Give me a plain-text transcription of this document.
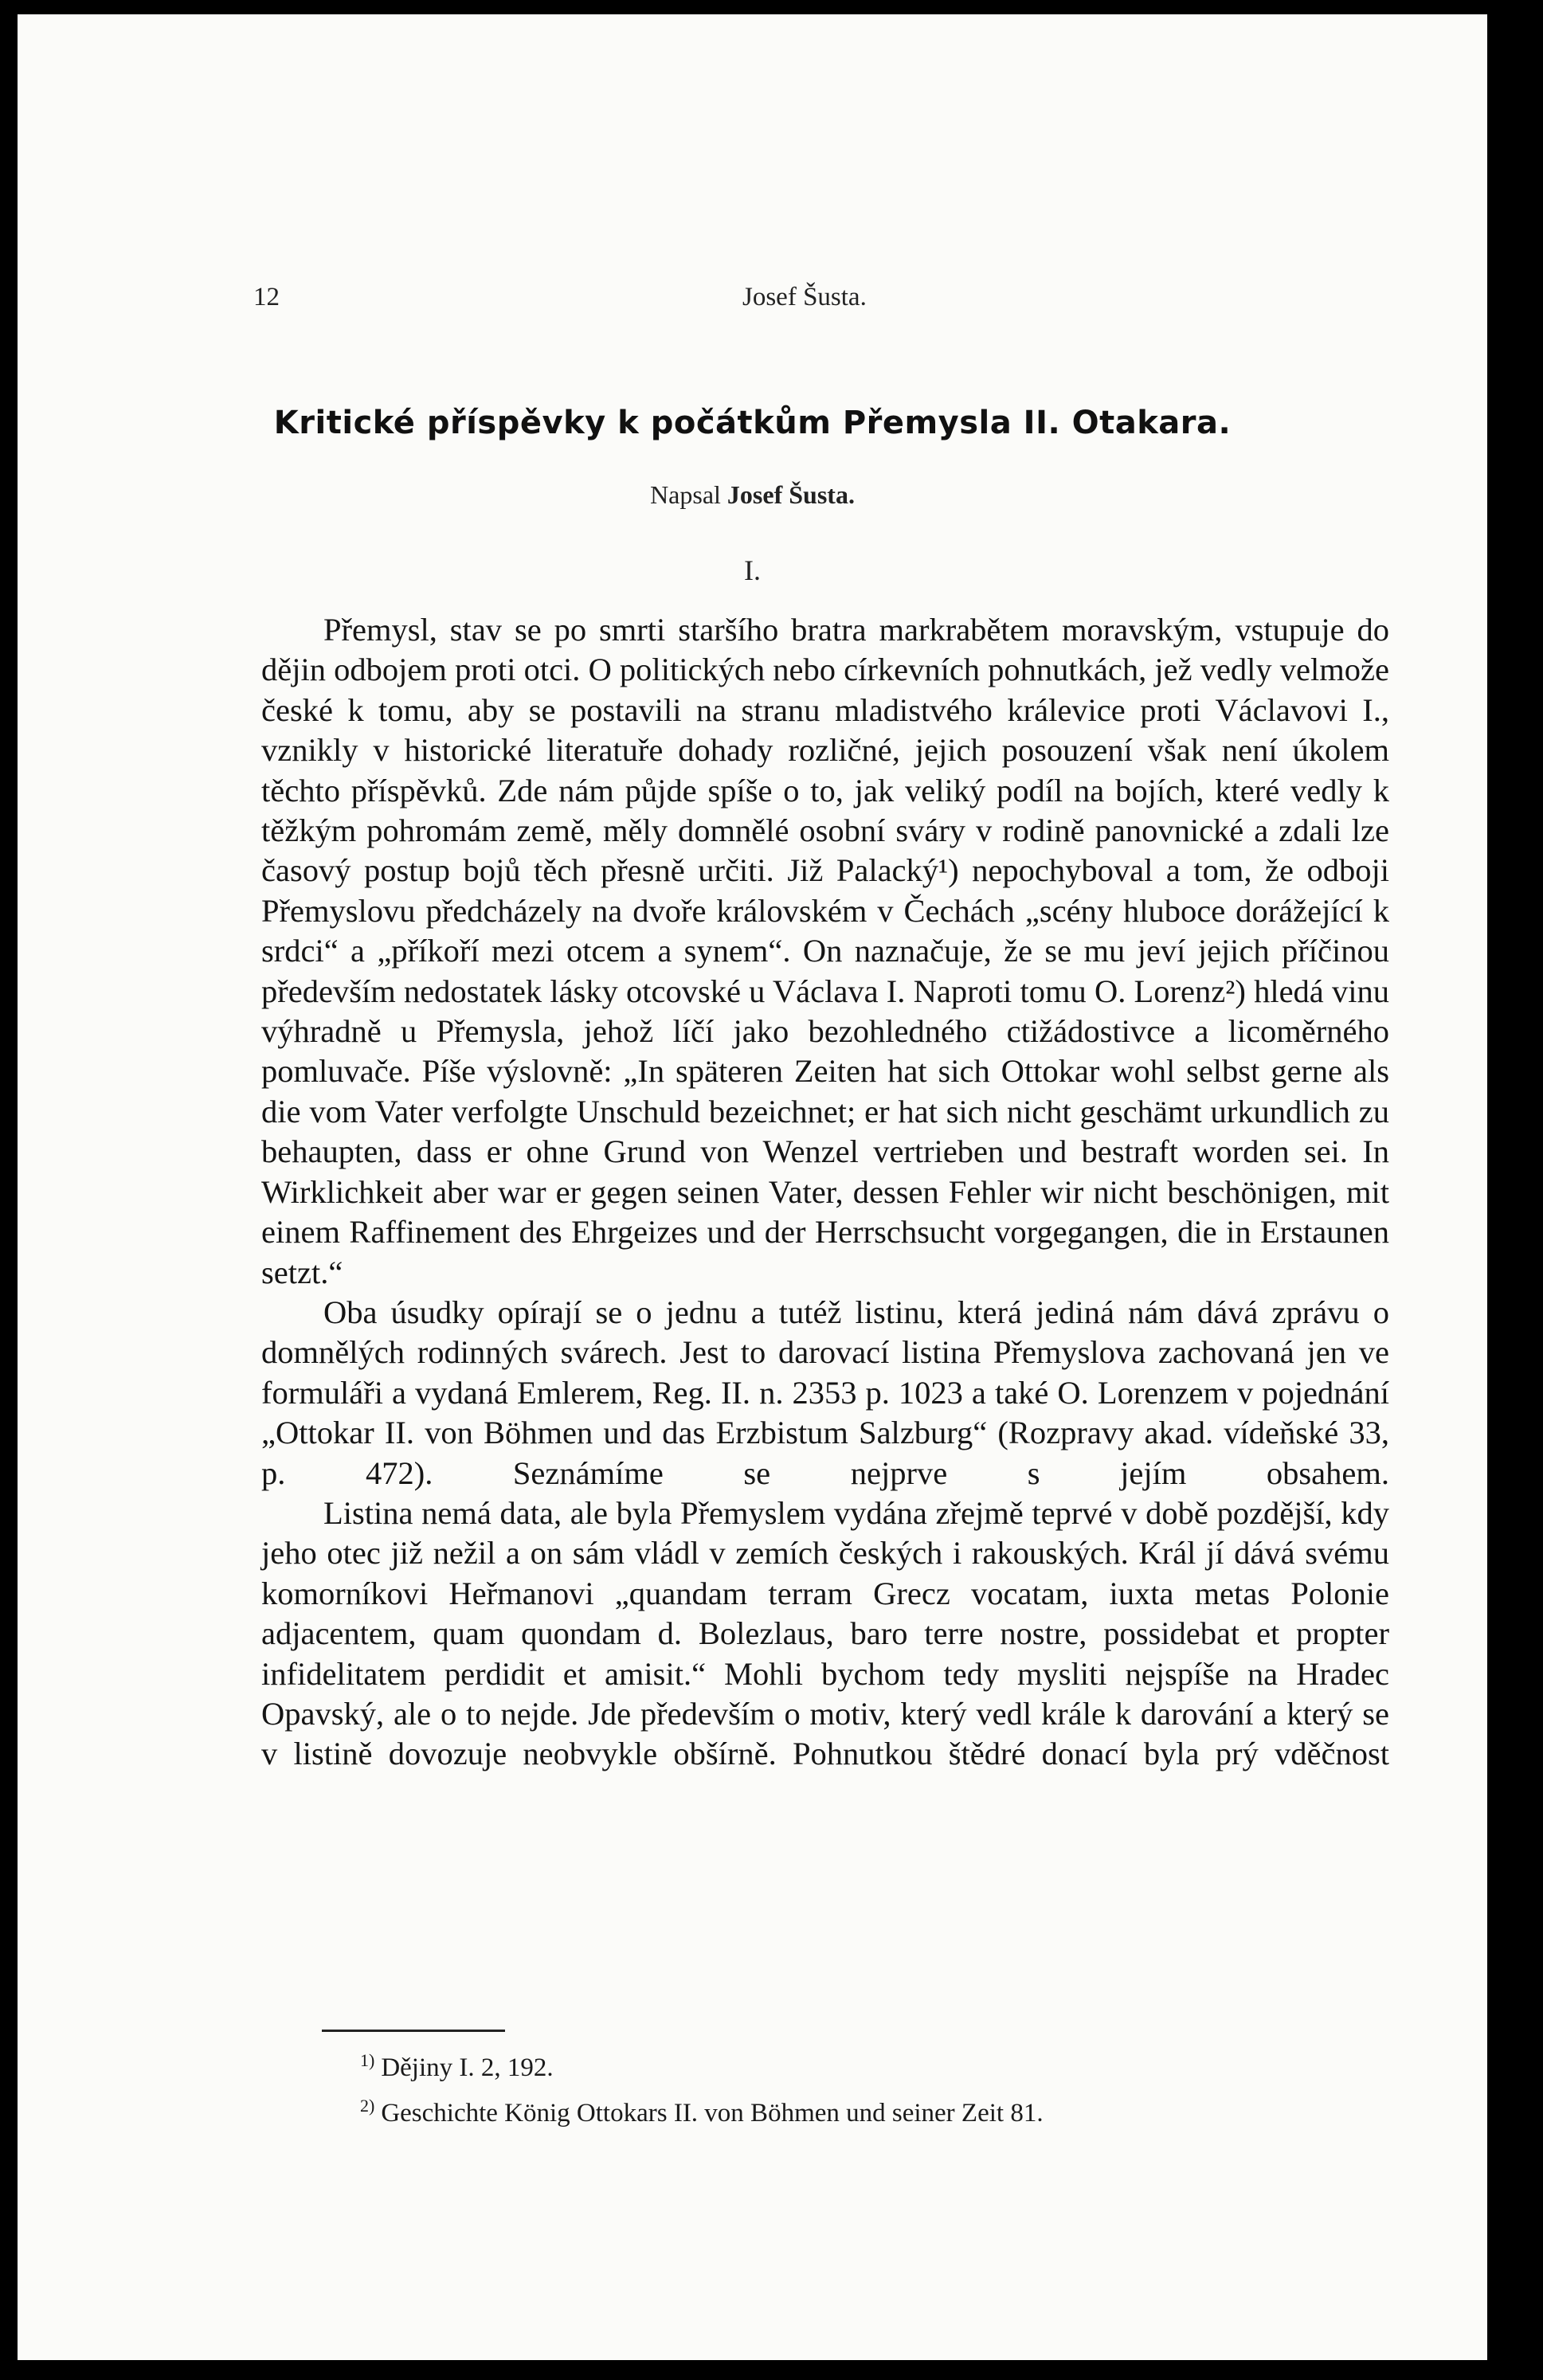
12	Josef Šusta.
Kritické příspěvky k počátkům Přemysla II. Otakara.
Napsal Josef Šusta.
I.

Přemysl, stav se po smrti staršího bratra markrabětem moravským, vstupuje do dějin odbojem proti otci. O politických nebo církevních pohnutkách, jež vedly velmože české k tomu, aby se postavili na stranu mladistvého králevice proti Václavovi I., vznikly v historické literatuře dohady rozličné, jejich posouzení však není úkolem těchto příspěvků. Zde nám půjde spíše o to, jak veliký podíl na bojích, které vedly k těžkým pohromám země, měly domnělé osobní sváry v rodině panovnické a zdali lze časový postup bojů těch přesně určiti. Již Palacký¹) nepochyboval a tom, že odboji Přemyslovu předcházely na dvoře královském v Čechách „scény hluboce dorážející k srdci“ a „příkoří mezi otcem a synem“. On naznačuje, že se mu jeví jejich příčinou především nedostatek lásky otcovské u Václava I. Naproti tomu O. Lorenz²) hledá vinu výhradně u Přemysla, jehož líčí jako bezohledného ctižádostivce a licoměrného pomluvače. Píše výslovně: „In späteren Zeiten hat sich Ottokar wohl selbst gerne als die vom Vater verfolgte Unschuld bezeichnet; er hat sich nicht geschämt urkundlich zu behaupten, dass er ohne Grund von Wenzel vertrieben und bestraft worden sei. In Wirklichkeit aber war er gegen seinen Vater, dessen Fehler wir nicht beschönigen, mit einem Raffinement des Ehrgeizes und der Herrschsucht vorgegangen, die in Erstaunen setzt.“

Oba úsudky opírají se o jednu a tutéž listinu, která jediná nám dává zprávu o domnělých rodinných svárech. Jest to darovací listina Přemyslova zachovaná jen ve formuláři a vydaná Emlerem, Reg. II. n. 2353 p. 1023 a také O. Lorenzem v pojednání „Ottokar II. von Böhmen und das Erzbistum Salzburg“ (Rozpravy akad. vídeňské 33, p. 472). Seznámíme se nejprve s jejím obsahem.

Listina nemá data, ale byla Přemyslem vydána zřejmě teprvé v době pozdější, kdy jeho otec již nežil a on sám vládl v zemích českých i rakouských. Král jí dává svému komorníkovi Heřmanovi „quandam terram Grecz vocatam, iuxta metas Polonie adjacentem, quam quondam d. Bolezlaus, baro terre nostre, possidebat et propter infidelitatem perdidit et amisit.“ Mohli bychom tedy mysliti nejspíše na Hradec Opavský, ale o to nejde. Jde především o motiv, který vedl krále k darování a který se v listině dovozuje neobvykle obšírně. Pohnutkou štědré donací byla prý vděčnost

$^{1)}$ Dějiny I. 2, 192.
$^{2)}$ Geschichte König Ottokars II. von Böhmen und seiner Zeit 81.
